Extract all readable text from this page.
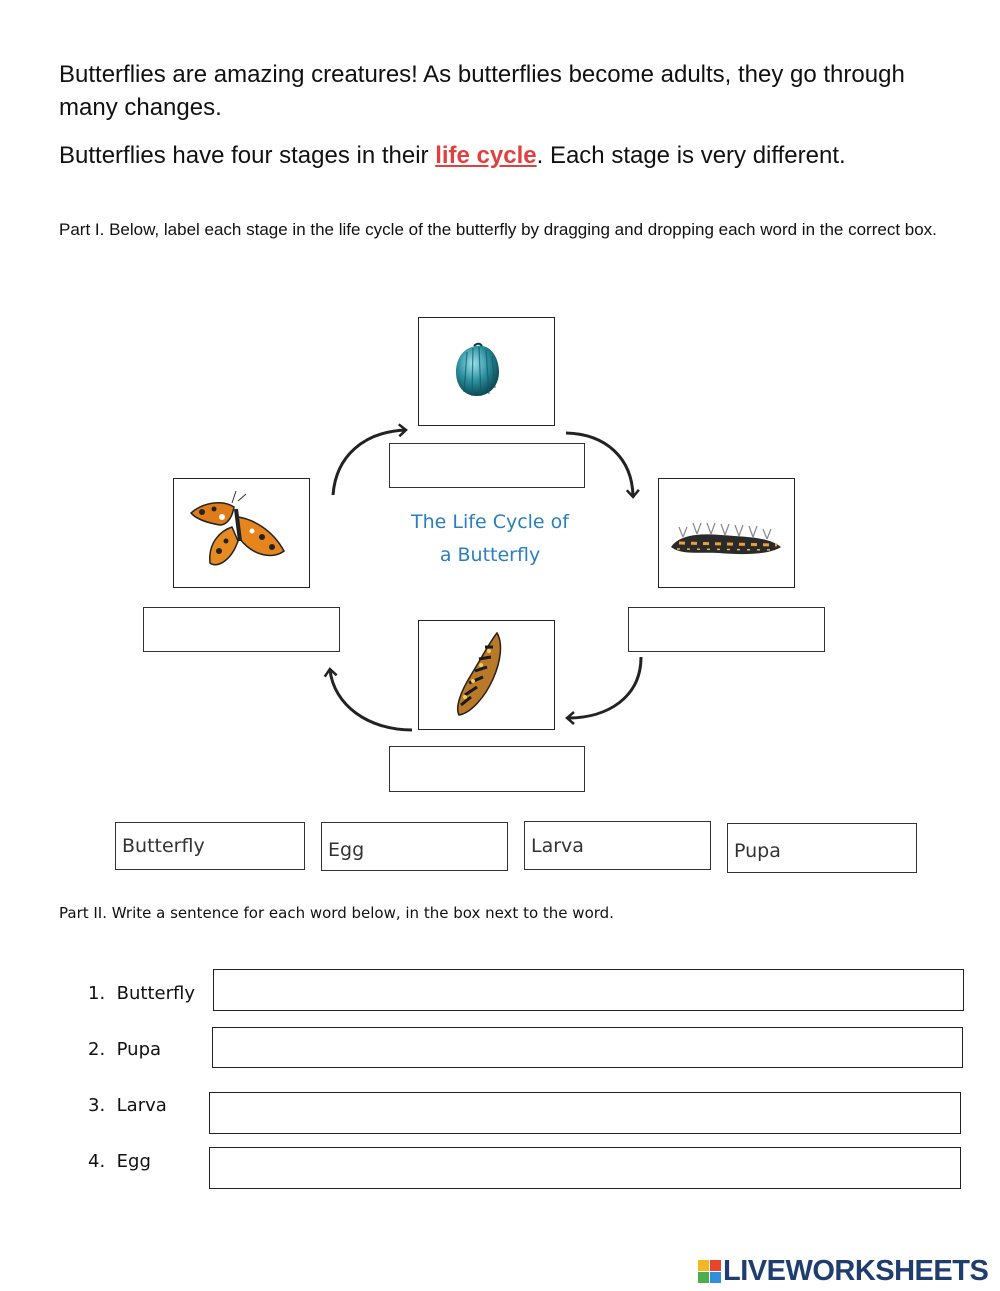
Butterflies are amazing creatures! As butterflies become adults, they go through many changes.

Butterflies have four stages in their life cycle. Each stage is very different.

Part I. Below, label each stage in the life cycle of the butterfly by dragging and dropping each word in the correct box.

The Life Cycle of
a Butterfly
Butterfly	Egg	Larva	Pupa
Part II. Write a sentence for each word below, in the box next to the word.
1. Butterfly
2. Pupa
3. Larva
4. Egg
LIVEWORKSHEETS
